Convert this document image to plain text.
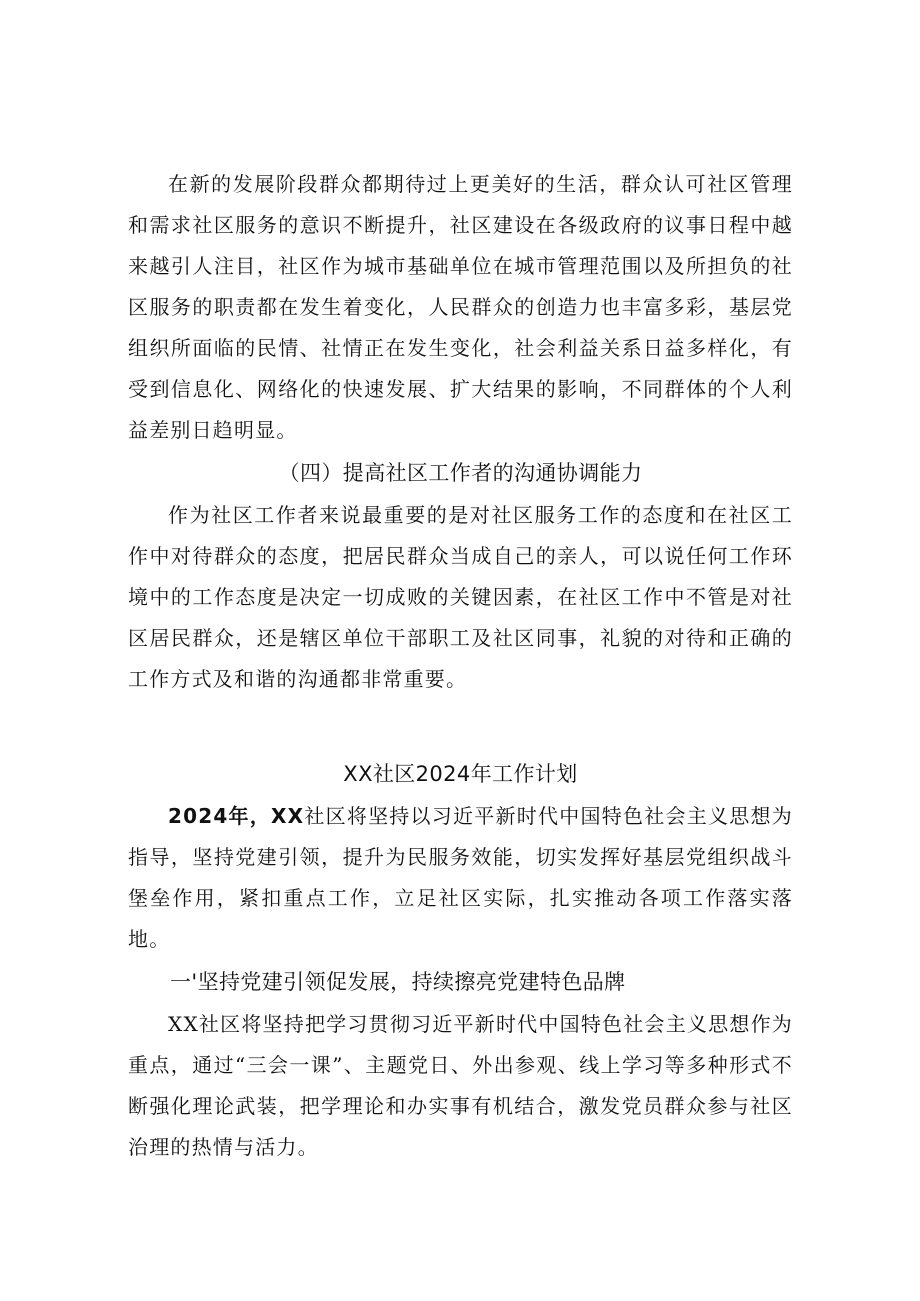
在新的发展阶段群众都期待过上更美好的生活，群众认可社区管理和需求社区服务的意识不断提升，社区建设在各级政府的议事日程中越来越引人注目，社区作为城市基础单位在城市管理范围以及所担负的社区服务的职责都在发生着变化，人民群众的创造力也丰富多彩，基层党组织所面临的民情、社情正在发生变化，社会利益关系日益多样化，有受到信息化、网络化的快速发展、扩大结果的影响，不同群体的个人利益差别日趋明显。

（四）提高社区工作者的沟通协调能力

作为社区工作者来说最重要的是对社区服务工作的态度和在社区工作中对待群众的态度，把居民群众当成自己的亲人，可以说任何工作环境中的工作态度是决定一切成败的关键因素，在社区工作中不管是对社区居民群众，还是辖区单位干部职工及社区同事，礼貌的对待和正确的工作方式及和谐的沟通都非常重要。

XX社区2024年工作计划

2024年，XX社区将坚持以习近平新时代中国特色社会主义思想为指导，坚持党建引领，提升为民服务效能，切实发挥好基层党组织战斗堡垒作用，紧扣重点工作，立足社区实际，扎实推动各项工作落实落地。

一'坚持党建引领促发展，持续擦亮党建特色品牌

XX社区将坚持把学习贯彻习近平新时代中国特色社会主义思想作为重点，通过“三会一课”、主题党日、外出参观、线上学习等多种形式不断强化理论武装，把学理论和办实事有机结合，激发党员群众参与社区治理的热情与活力。
